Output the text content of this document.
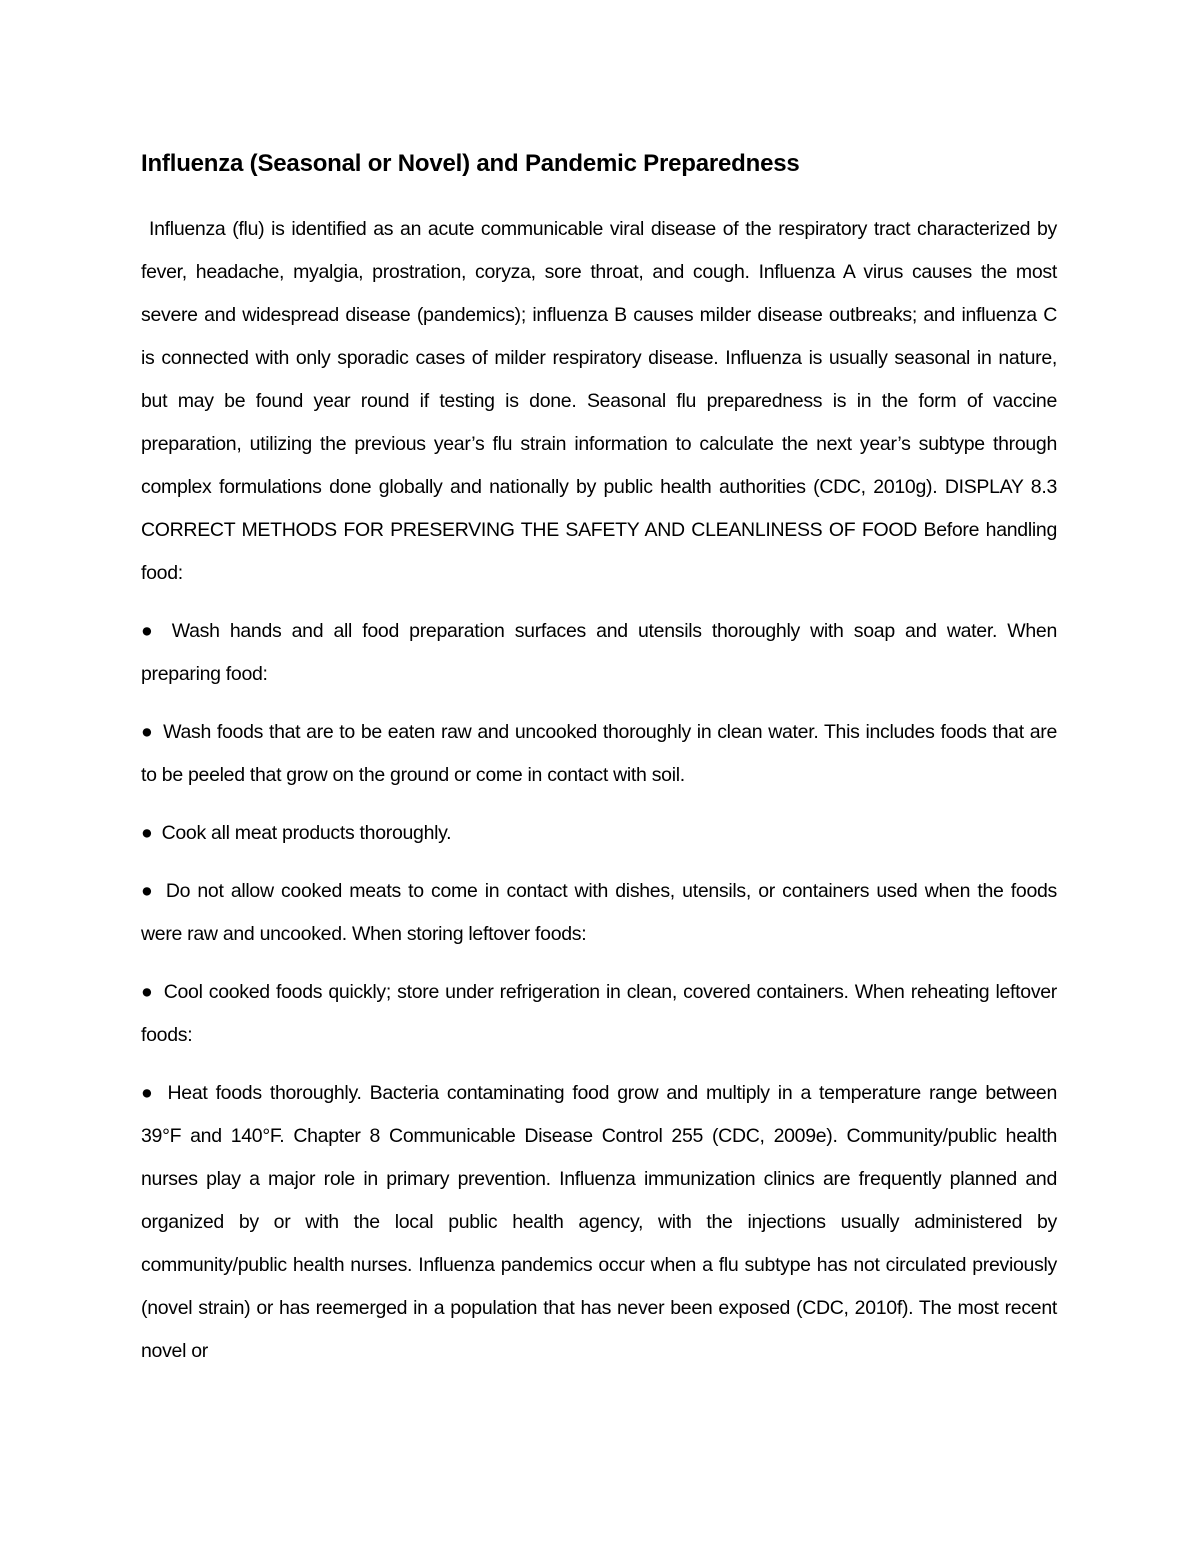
Influenza (Seasonal or Novel) and Pandemic Preparedness

Influenza (flu) is identified as an acute communicable viral disease of the respiratory tract characterized by fever, headache, myalgia, prostration, coryza, sore throat, and cough. Influenza A virus causes the most severe and widespread disease (pandemics); influenza B causes milder disease outbreaks; and influenza C is connected with only sporadic cases of milder respiratory disease. Influenza is usually seasonal in nature, but may be found year round if testing is done. Seasonal flu preparedness is in the form of vaccine preparation, utilizing the previous year’s flu strain information to calculate the next year’s subtype through complex formulations done globally and nationally by public health authorities (CDC, 2010g). DISPLAY 8.3 CORRECT METHODS FOR PRESERVING THE SAFETY AND CLEANLINESS OF FOOD Before handling food:

● Wash hands and all food preparation surfaces and utensils thoroughly with soap and water. When preparing food:

● Wash foods that are to be eaten raw and uncooked thoroughly in clean water. This includes foods that are to be peeled that grow on the ground or come in contact with soil.

● Cook all meat products thoroughly.

● Do not allow cooked meats to come in contact with dishes, utensils, or containers used when the foods were raw and uncooked. When storing leftover foods:

● Cool cooked foods quickly; store under refrigeration in clean, covered containers. When reheating leftover foods:

● Heat foods thoroughly. Bacteria contaminating food grow and multiply in a temperature range between 39°F and 140°F. Chapter 8 Communicable Disease Control 255 (CDC, 2009e). Community/public health nurses play a major role in primary prevention. Influenza immunization clinics are frequently planned and organized by or with the local public health agency, with the injections usually administered by community/public health nurses. Influenza pandemics occur when a flu subtype has not circulated previously (novel strain) or has reemerged in a population that has never been exposed (CDC, 2010f). The most recent novel or
